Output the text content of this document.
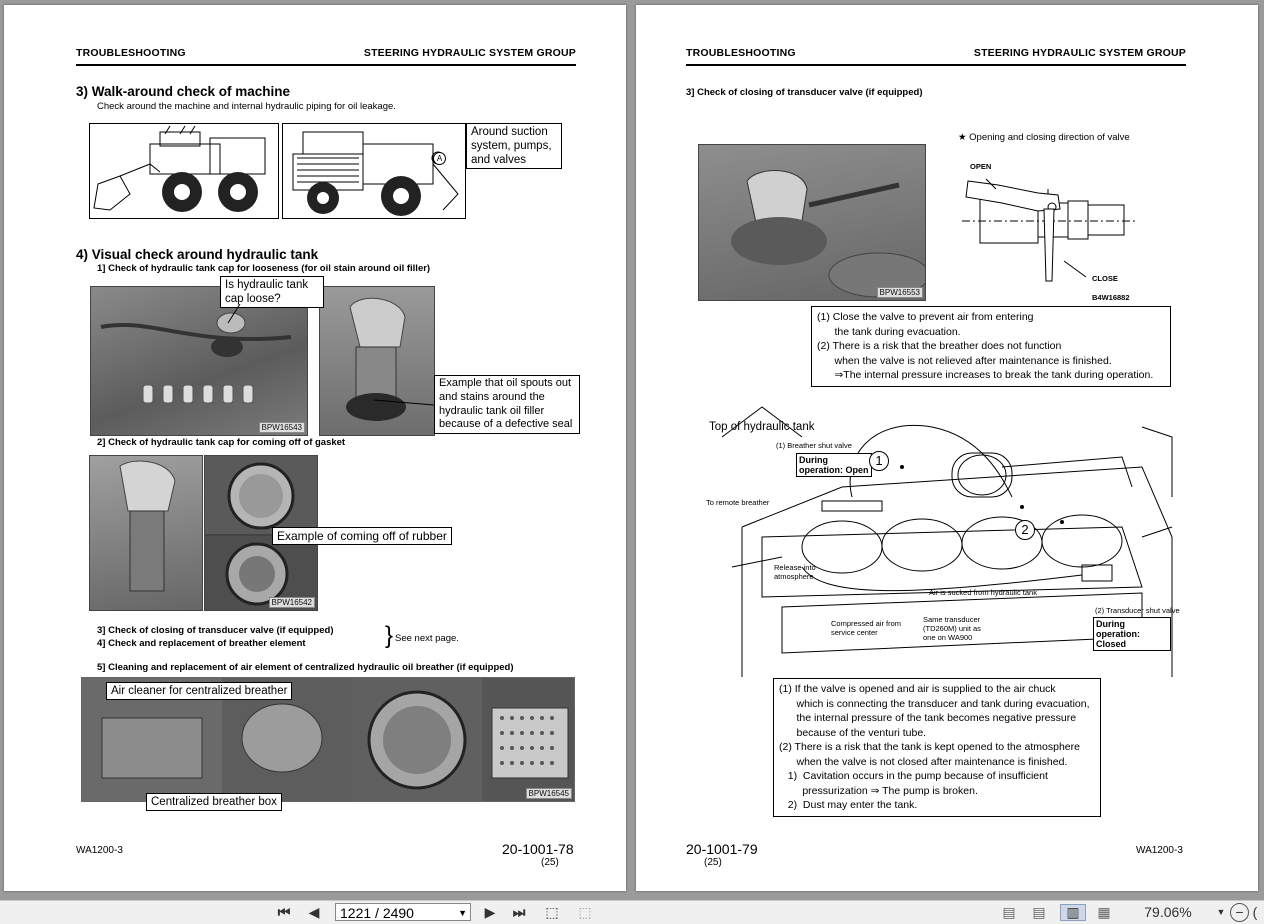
TROUBLESHOOTING	STEERING HYDRAULIC SYSTEM GROUP
3) Walk-around check of machine
Check around the machine and internal hydraulic piping for oil leakage.
A
Around suction system, pumps, and valves
4) Visual check around hydraulic tank
1] Check of hydraulic tank cap for looseness (for oil stain around oil filler)
BPW16543
Is hydraulic tank cap loose?
Example that oil spouts out and stains around the hydraulic tank oil filler because of a defective seal
2] Check of hydraulic tank cap for coming off of gasket
BPW16542
Example of coming off of rubber
3] Check of closing of transducer valve (if equipped)
4] Check and replacement of breather element	} See next page.
5] Cleaning and replacement of air element of centralized hydraulic oil breather (if equipped)
BPW16545
Air cleaner for centralized breather
Centralized breather box
WA1200-3	20-1001-78
(25)
TROUBLESHOOTING	STEERING HYDRAULIC SYSTEM GROUP
3] Check of closing of transducer valve (if equipped)
BPW16553
★ Opening and closing direction of valve
OPEN
CLOSE
B4W16882
(1) Close the valve to prevent air from entering
the tank during evacuation.
(2) There is a risk that the breather does not function
when the valve is not relieved after maintenance is finished.
⇒The internal pressure increases to break the tank during operation.
Top of hydraulic tank
(1) Breather shut valve
During operation: Open
1
To remote breather
2
Release into atmosphere
Air is sucked from hydraulic tank
Compressed air from service center
Same transducer (TD260M) unit as one on WA900
(2) Transducer shut valve
During operation: Closed
(1) If the valve is opened and air is supplied to the air chuck
which is connecting the transducer and tank during evacuation,
the internal pressure of the tank becomes negative pressure
because of the venturi tube.
(2) There is a risk that the tank is kept opened to the atmosphere
when the valve is not closed after maintenance is finished.
1)  Cavitation occurs in the pump because of insufficient
pressurization ⇒ The pump is broken.
2)  Dust may enter the tank.
20-1001-79
(25)
WA1200-3
⏮ ◀	1221 / 2490	▼ ▶ ⏭ ⬚ ⬚	▤ ▤	▥	▦	79.06%	▼ − (
